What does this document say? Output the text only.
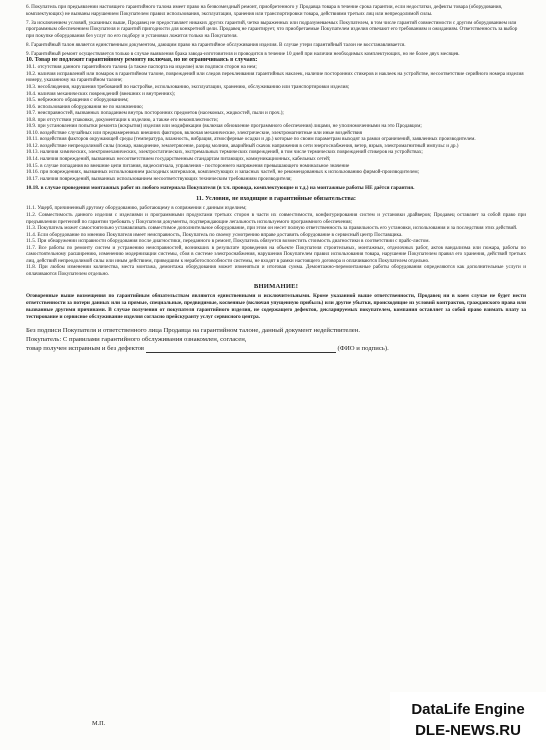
6. Покупатель при предъявлении настоящего гарантийного талона имеет право на безвозмездный ремонт, приобретенного у Продавца товара в течение срока гарантии, если недостатки, дефекты товара (оборудования, комплектующих) не вызваны нарушением Покупателем правил использования, эксплуатации, хранения или транспортировки товара, действиями третьих лиц или непреодолимой силы.

7. За исключением условий, указанных выше, Продавец не предоставляет никаких других гарантий, четко выраженных или подразумеваемых Покупателем, в том числе гарантий совместимости с другим оборудованием или программным обеспечением Покупателя и гарантий пригодности для конкретной цели. Продавец не гарантирует, что приобретаемые Покупателем изделия отвечают его требованиям и ожиданиям. Ответственность за выбор при покупке оборудования без услуг по его подбору и установки ложится только на Покупателя.

8. Гарантийный талон является единственным документом, дающим право на гарантийное обслуживания изделия. В случае утери гарантийный талон не восстанавливается.

9. Гарантийный ремонт осуществляется только в случае выявления брака завода-изготовителя и проводится в течение 10 дней при наличии необходимых комплектующих, но не более двух месяцев.

10. Товар не подлежит гарантийному ремонту включая, но не ограничиваясь в случаях:

10.1. отсутствия данного гарантийного талона (а также паспорта на изделие) или подписи сторон на нем;

10.2. наличия исправлений или помарок в гарантийном талоне, повреждений или следов переклеивания гарантийных наклеек, наличие посторонних стикеров и наклеек на устройстве, несоответствие серийного номера изделия номеру, указанному на гарантийном талоне;

10.3. несоблюдения, нарушения требований по настройке, использованию, эксплуатации, хранению, обслуживанию или транспортировки изделия;

10.4. наличия механических повреждений (внешних и внутренних);

10.5. небрежного обращения с оборудованием;

10.6. использования оборудования не по назначению;

10.7. неисправностей, вызванных попаданием внутрь посторонних предметов (насекомых, жидкостей, пыли и проч.);

10.8. при отсутствии упаковки, документации к изделию, а также его некомплектности;

10.9. при установлении попытки ремонта (вскрытия) изделия или модификации (включая обновление программного обеспечения) лицами, не уполномоченными на это Продавцом;

10.10. воздействие случайных или преднамеренных внешних факторов, включая механические, электрические, электромагнитные или иные воздействия

10.11. воздействия факторов окружающей среды (температура, влажность, вибрация, атмосферные осадки и др.) которые по своим параметрам выходят за рамки ограничений, заявленных производителем.

10.12. воздействие непреодолимой силы (пожар, наводнение, землетрясение, разряд молнии, аварийный скачок напряжения в сети энергоснабжения, ветер, взрыв, электромагнитный импульс и др.)

10.13. наличия химических, электромеханических, электростатических, экстремальных термических повреждений, в том числе термических повреждений стикеров на устройствах;

10.14. наличия повреждений, вызванных несоответствием государственным стандартам питающих, коммуникационных, кабельных сетей;

10.15. в случае попадания во внешние цепи питания, видеосигнала, управления - постороннего напряжения превышающего номинальное значение

10.16. при повреждениях, вызванных использованием расходных материалов, комплектующих и запасных частей, не рекомендованных к использованию фирмой-производителем;

10.17. наличия повреждений, вызванных использованием несоответствующих техническим требованиям производителя;

10.18. в случае проведения монтажных работ из любого материала Покупателя (в т.ч. провода, комплектующие и т.д.) на монтажные работы НЕ даётся гарантия.

11. Условия, не входящие в гарантийные обязательства:

11.1. Ущерб, причиненный другому оборудованию, работающему в сопряжении с данным изделием;

11.2. Совместимость данного изделия с изделиями и программными продуктами третьих сторон в части их совместимости, конфигурирования систем и установки драйверов; Продавец оставляет за собой право при предъявлении претензий по гарантии требовать у Покупателя документы, подтверждающие легальность используемого программного обеспечения;

11.3. Покупатель может самостоятельно устанавливать совместимое дополнительное оборудование, при этом он несет полную ответственность за правильность его установки, использования и за последствия этих действий.

11.4. Если оборудование по мнению Покупателя имеет неисправность, Покупатель по своему усмотрению вправе доставить оборудование в сервисный центр Поставщика.

11.5. При обнаружении исправности оборудования после диагностики, переданного в ремонт, Покупатель обязуется возместить стоимость диагностики в соответствии с прайс-листом.

11.7. Все работы по ремонту систем и устранению неисправностей, возникших в результате проведения на объекте Покупателя строительных, монтажных, отделочных работ, актов вандализма или пожара, работы по самостоятельному расширению, изменению модернизации системы, сбоя в системе электроснабжения, нарушения Покупателем правил использования товара, нарушение Покупателем правил его хранения, действий третьих лиц, действий непреодолимой силы или иным действием, приведшим к неработоспособности системы, не входят в рамки настоящего договора и оплачиваются Покупателем отдельно.

11.8. При любом изменении количества, места монтажа, демонтажа оборудования может изменяться и итоговая сумма. Демонтажно-перемонтажные работы оборудования определяются как дополнительные услуги и оплачиваются Покупателем отдельно.

ВНИМАНИЕ!

Оговоренные выше возмещения по гарантийным обязательствам являются единственными и исключительными. Кроме указанной выше ответственности, Продавец ни в коем случае не будет нести ответственности за потери данных или за прямые, специальные, предвидимые, косвенные (включая упущенную прибыль) или другие убытки, происходящие из условий контрактов, гражданского права или вызванные другими причинами. В случае получения от покупателя гарантийного изделия, не содержащего дефектов, декларируемых покупателем, компания оставляет за собой право взимать плату за тестирование и сервисное обслуживание изделия согласно прейскуранту услуг сервисного центра.

Без подписи Покупателя и ответственного лица Продавца на гарантийном талоне, данный документ недействителен.

Покупатель: С правилами гарантийного обслуживания ознакомлен, согласен,

товар получен исправным и без дефектов	(ФИО и подпись).

М.П.
DataLife Engine
DLE-NEWS.RU
